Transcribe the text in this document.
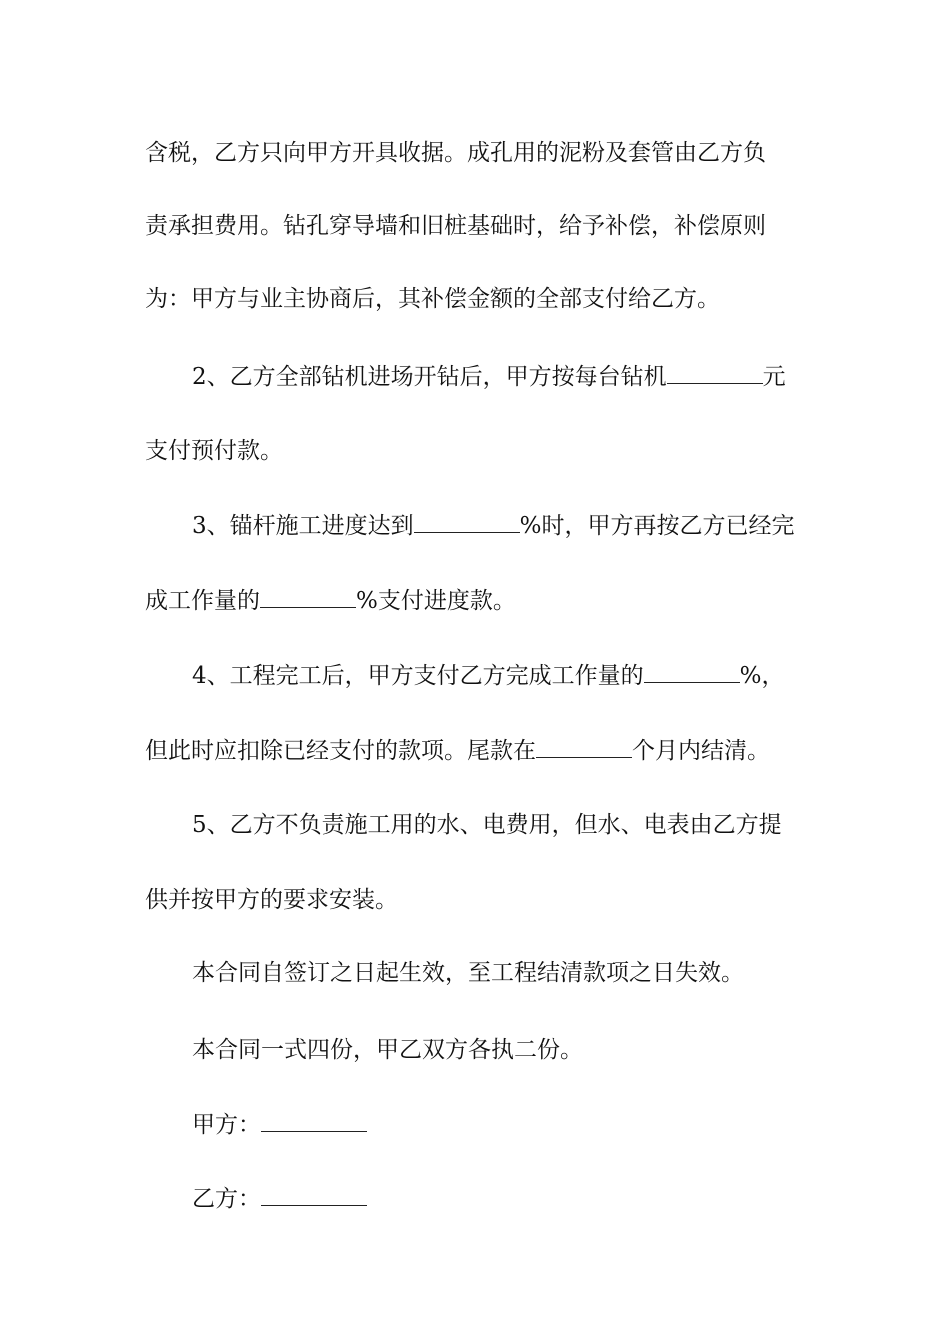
含税，乙方只向甲方开具收据。成孔用的泥粉及套管由乙方负
责承担费用。钻孔穿导墙和旧桩基础时，给予补偿，补偿原则
为：甲方与业主协商后，其补偿金额的全部支付给乙方。
2、乙方全部钻机进场开钻后，甲方按每台钻机	元
支付预付款。
3、锚杆施工进度达到	%时，甲方再按乙方已经完
成工作量的	%支付进度款。
4、工程完工后，甲方支付乙方完成工作量的	%，
但此时应扣除已经支付的款项。尾款在	个月内结清。
5、乙方不负责施工用的水、电费用，但水、电表由乙方提
供并按甲方的要求安装。
本合同自签订之日起生效，至工程结清款项之日失效。
本合同一式四份，甲乙双方各执二份。
甲方：
乙方：
